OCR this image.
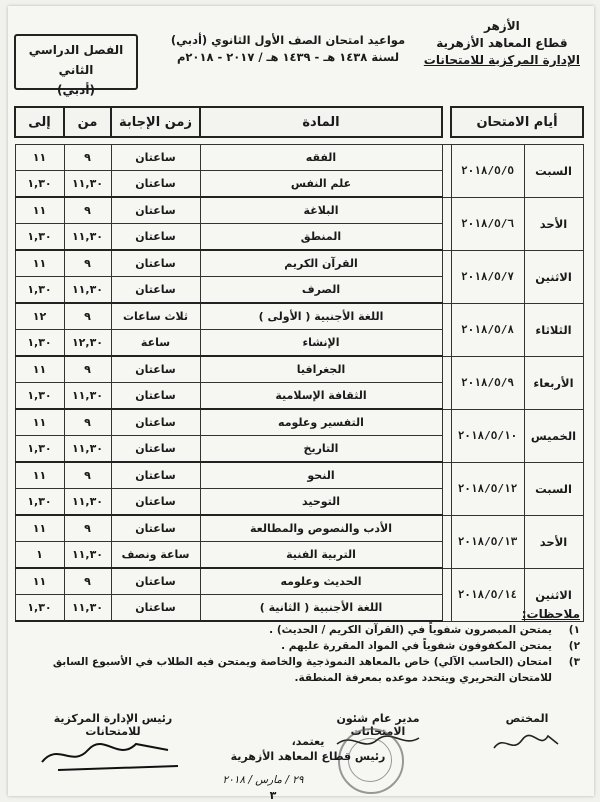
الأزهر
قطاع المعاهد الأزهرية
الإدارة المركزية للامتحانات
مواعيد امتحان الصف الأول الثانوي (أدبي)
لسنة ١٤٣٨ هـ - ١٤٣٩ هـ / ٢٠١٧ - ٢٠١٨م
الفصل الدراسي الثاني
(أدبي)
أيام الامتحان			المادة	زمن الإجابة	من	إلى

السبت	٢٠١٨/٥/٥		الفقه	ساعتان	٩	١١
			علم النفس	ساعتان	١١,٣٠	١,٣٠
الأحد	٢٠١٨/٥/٦		البلاغة	ساعتان	٩	١١
			المنطق	ساعتان	١١,٣٠	١,٣٠
الاثنين	٢٠١٨/٥/٧		القرآن الكريم	ساعتان	٩	١١
			الصرف	ساعتان	١١,٣٠	١,٣٠
الثلاثاء	٢٠١٨/٥/٨		اللغة الأجنبية ( الأولى )	ثلاث ساعات	٩	١٢
			الإنشاء	ساعة	١٢,٣٠	١,٣٠
الأربعاء	٢٠١٨/٥/٩		الجغرافيا	ساعتان	٩	١١
			الثقافة الإسلامية	ساعتان	١١,٣٠	١,٣٠
الخميس	٢٠١٨/٥/١٠		التفسير وعلومه	ساعتان	٩	١١
			التاريخ	ساعتان	١١,٣٠	١,٣٠
السبت	٢٠١٨/٥/١٢		النحو	ساعتان	٩	١١
			التوحيد	ساعتان	١١,٣٠	١,٣٠
الأحد	٢٠١٨/٥/١٣		الأدب والنصوص والمطالعة	ساعتان	٩	١١
			التربية الفنية	ساعة ونصف	١١,٣٠	١
الاثنين	٢٠١٨/٥/١٤		الحديث وعلومه	ساعتان	٩	١١
			اللغة الأجنبية ( الثانية )	ساعتان	١١,٣٠	١,٣٠	ملاحظات:
١)
يمتحن المبصرون شفوياً في (القرآن الكريم / الحديث) .
٢)
يمتحن المكفوفون شفوياً في المواد المقررة عليهم .
٣)
امتحان (الحاسب الآلي) خاص بالمعاهد النموذجية والخاصة ويمتحن فيه الطلاب في الأسبوع السابق للامتحان التحريري ويتحدد موعده بمعرفة المنطقة.
المختص
مدير عام شئون الامتحانات
رئيس الإدارة المركزية للامتحانات
يعتمد،
رئيس قطاع المعاهد الأزهرية
٢٩ / مارس / ٢٠١٨
٣
